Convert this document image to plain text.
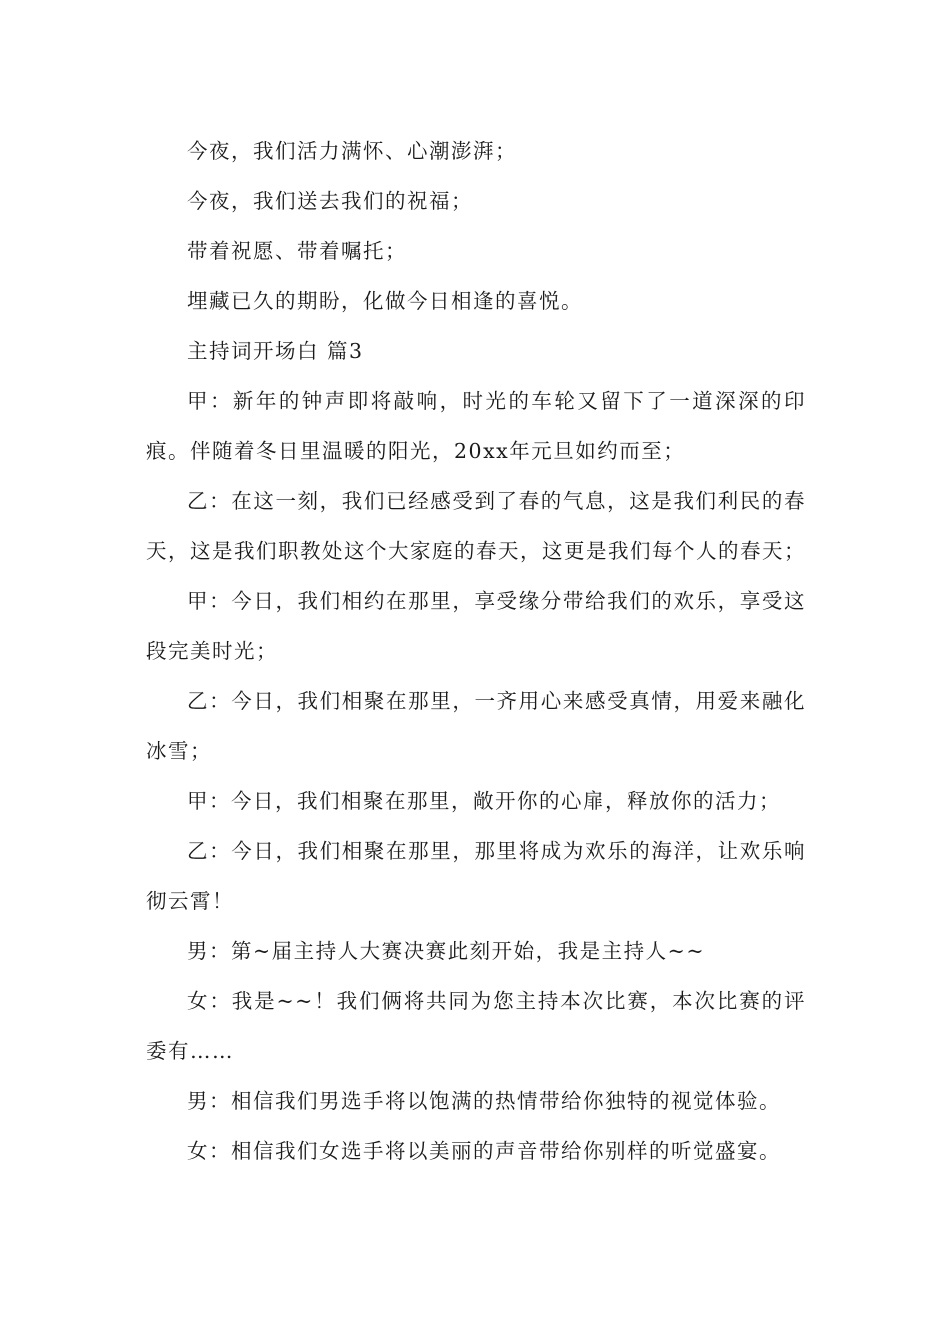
今夜，我们活力满怀、心潮澎湃；

今夜，我们送去我们的祝福；

带着祝愿、带着嘱托；

埋藏已久的期盼，化做今日相逢的喜悦。

主持词开场白 篇3

甲：新年的钟声即将敲响，时光的车轮又留下了一道深深的印痕。伴随着冬日里温暖的阳光，20xx年元旦如约而至；

乙：在这一刻，我们已经感受到了春的气息，这是我们利民的春天，这是我们职教处这个大家庭的春天，这更是我们每个人的春天；

甲：今日，我们相约在那里，享受缘分带给我们的欢乐，享受这段完美时光；

乙：今日，我们相聚在那里，一齐用心来感受真情，用爱来融化冰雪；

甲：今日，我们相聚在那里，敞开你的心扉，释放你的活力；

乙：今日，我们相聚在那里，那里将成为欢乐的海洋，让欢乐响彻云霄！

男：第~届主持人大赛决赛此刻开始，我是主持人~~

女：我是~~！我们俩将共同为您主持本次比赛，本次比赛的评委有……

男：相信我们男选手将以饱满的热情带给你独特的视觉体验。

女：相信我们女选手将以美丽的声音带给你别样的听觉盛宴。
